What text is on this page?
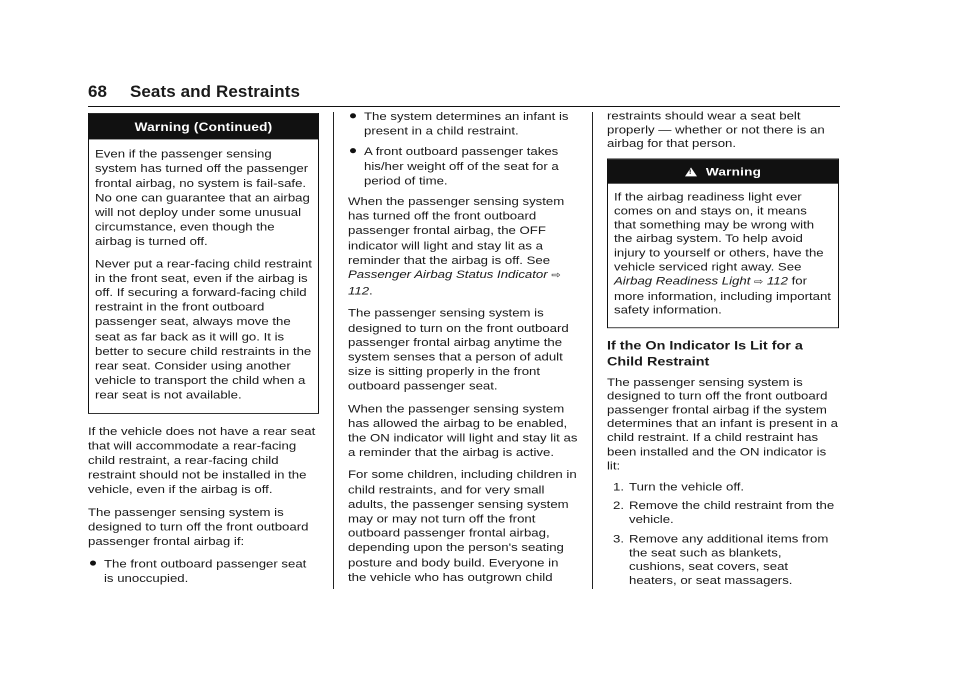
68 Seats and Restraints
Warning (Continued)

Even if the passenger sensing system has turned off the passenger frontal airbag, no system is fail-safe. No one can guarantee that an airbag will not deploy under some unusual circumstance, even though the airbag is turned off.

Never put a rear-facing child restraint in the front seat, even if the airbag is off. If securing a forward-facing child restraint in the front outboard passenger seat, always move the seat as far back as it will go. It is better to secure child restraints in the rear seat. Consider using another vehicle to transport the child when a rear seat is not available.

If the vehicle does not have a rear seat that will accommodate a rear-facing child restraint, a rear-facing child restraint should not be installed in the vehicle, even if the airbag is off.

The passenger sensing system is designed to turn off the front outboard passenger frontal airbag if:

The front outboard passenger seat is unoccupied.
The system determines an infant is present in a child restraint.
A front outboard passenger takes his/her weight off of the seat for a period of time.

When the passenger sensing system has turned off the front outboard passenger frontal airbag, the OFF indicator will light and stay lit as a reminder that the airbag is off. See Passenger Airbag Status Indicator ⇨ 112.

The passenger sensing system is designed to turn on the front outboard passenger frontal airbag anytime the system senses that a person of adult size is sitting properly in the front outboard passenger seat.

When the passenger sensing system has allowed the airbag to be enabled, the ON indicator will light and stay lit as a reminder that the airbag is active.

For some children, including children in child restraints, and for very small adults, the passenger sensing system may or may not turn off the front outboard passenger frontal airbag, depending upon the person's seating posture and body build. Everyone in the vehicle who has outgrown child

restraints should wear a seat belt properly — whether or not there is an airbag for that person.

! Warning

If the airbag readiness light ever comes on and stays on, it means that something may be wrong with the airbag system. To help avoid injury to yourself or others, have the vehicle serviced right away. See Airbag Readiness Light ⇨ 112 for more information, including important safety information.

If the On Indicator Is Lit for a Child Restraint

The passenger sensing system is designed to turn off the front outboard passenger frontal airbag if the system determines that an infant is present in a child restraint. If a child restraint has been installed and the ON indicator is lit:

1. Turn the vehicle off.
2. Remove the child restraint from the vehicle.
3. Remove any additional items from the seat such as blankets, cushions, seat covers, seat heaters, or seat massagers.
